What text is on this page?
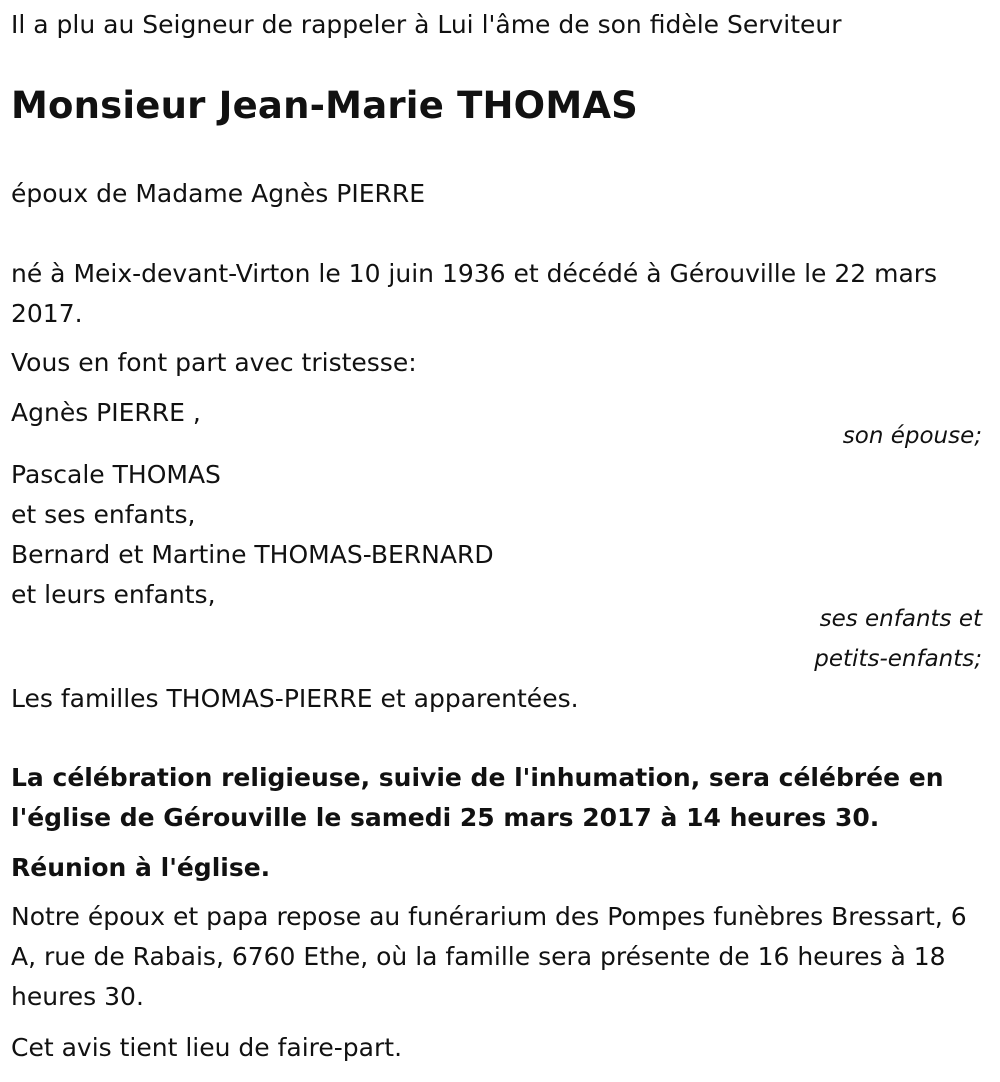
Il a plu au Seigneur de rappeler à Lui l'âme de son fidèle Serviteur
Monsieur Jean-Marie THOMAS
époux de Madame Agnès PIERRE
né à Meix-devant-Virton le 10 juin 1936 et décédé à Gérouville le 22 mars 2017.
Vous en font part avec tristesse:
Agnès PIERRE ,
son épouse;
Pascale THOMAS
et ses enfants,
Bernard et Martine THOMAS-BERNARD
et leurs enfants,
ses enfants et
petits-enfants;
Les familles THOMAS-PIERRE et apparentées.
La célébration religieuse, suivie de l'inhumation, sera célébrée en l'église de Gérouville le samedi 25 mars 2017 à 14 heures 30.
Réunion à l'église.
Notre époux et papa repose au funérarium des Pompes funèbres Bressart, 6 A, rue de Rabais, 6760 Ethe, où la famille sera présente de 16 heures à 18 heures 30.
Cet avis tient lieu de faire-part.
